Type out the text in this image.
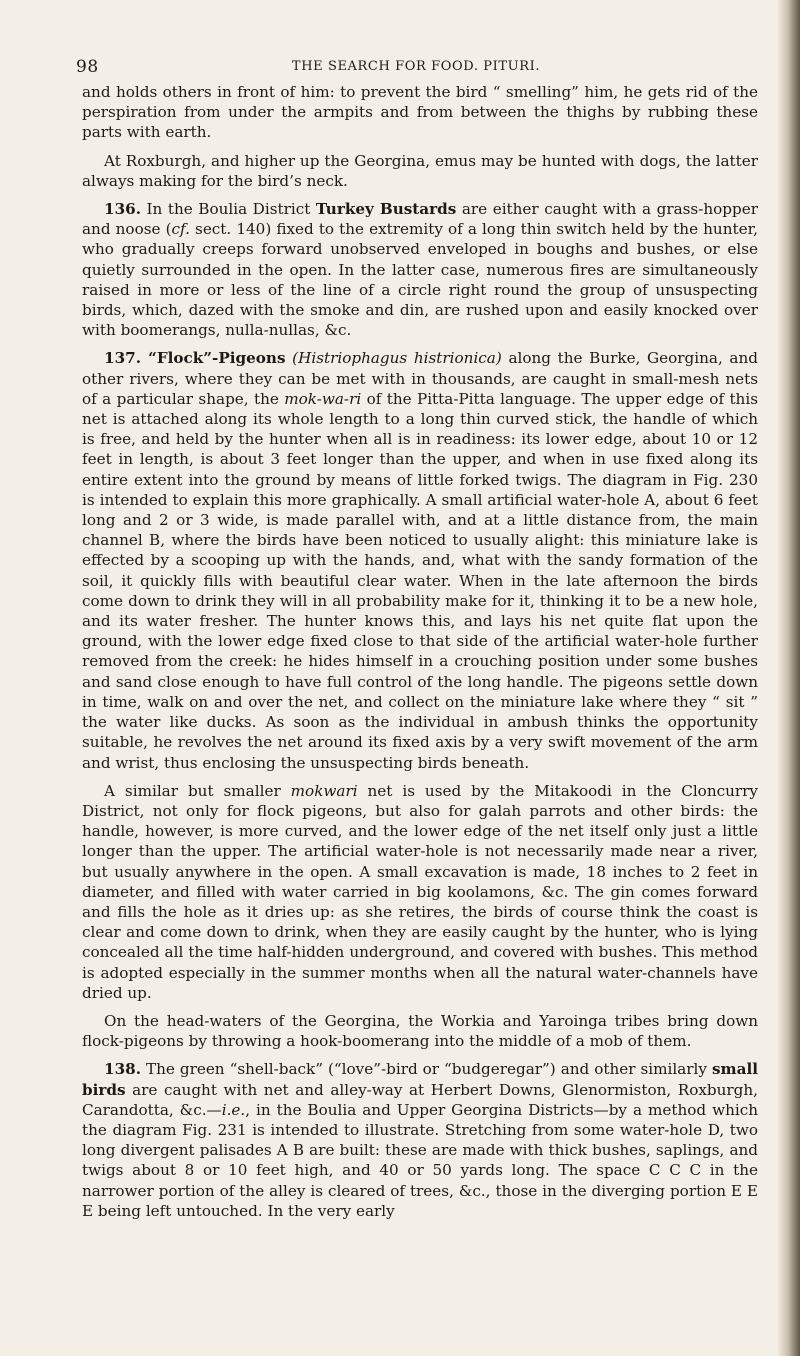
98	THE SEARCH FOR FOOD. PITURI.

and holds others in front of him: to prevent the bird “ smelling” him, he gets rid of the perspiration from under the armpits and from between the thighs by rubbing these parts with earth.

At Roxburgh, and higher up the Georgina, emus may be hunted with dogs, the latter always making for the bird’s neck.

136. In the Boulia District Turkey Bustards are either caught with a grass-hopper and noose (cf. sect. 140) fixed to the extremity of a long thin switch held by the hunter, who gradually creeps forward unobserved enveloped in boughs and bushes, or else quietly surrounded in the open. In the latter case, numerous fires are simultaneously raised in more or less of the line of a circle right round the group of unsuspecting birds, which, dazed with the smoke and din, are rushed upon and easily knocked over with boomerangs, nulla-nullas, &c.

137. “Flock”-Pigeons (Histriophagus histrionica) along the Burke, Georgina, and other rivers, where they can be met with in thousands, are caught in small-mesh nets of a particular shape, the mok-wa-ri of the Pitta-Pitta language. The upper edge of this net is attached along its whole length to a long thin curved stick, the handle of which is free, and held by the hunter when all is in readiness: its lower edge, about 10 or 12 feet in length, is about 3 feet longer than the upper, and when in use fixed along its entire extent into the ground by means of little forked twigs. The diagram in Fig. 230 is intended to explain this more graphically. A small artificial water-hole A, about 6 feet long and 2 or 3 wide, is made parallel with, and at a little distance from, the main channel B, where the birds have been noticed to usually alight: this miniature lake is effected by a scooping up with the hands, and, what with the sandy formation of the soil, it quickly fills with beautiful clear water. When in the late afternoon the birds come down to drink they will in all probability make for it, thinking it to be a new hole, and its water fresher. The hunter knows this, and lays his net quite flat upon the ground, with the lower edge fixed close to that side of the artificial water-hole further removed from the creek: he hides himself in a crouching position under some bushes and sand close enough to have full control of the long handle. The pigeons settle down in time, walk on and over the net, and collect on the miniature lake where they “ sit ” the water like ducks. As soon as the individual in ambush thinks the opportunity suitable, he revolves the net around its fixed axis by a very swift movement of the arm and wrist, thus enclosing the unsuspecting birds beneath.

A similar but smaller mokwari net is used by the Mitakoodi in the Cloncurry District, not only for flock pigeons, but also for galah parrots and other birds: the handle, however, is more curved, and the lower edge of the net itself only just a little longer than the upper. The artificial water-hole is not necessarily made near a river, but usually anywhere in the open. A small excavation is made, 18 inches to 2 feet in diameter, and filled with water carried in big koolamons, &c. The gin comes forward and fills the hole as it dries up: as she retires, the birds of course think the coast is clear and come down to drink, when they are easily caught by the hunter, who is lying concealed all the time half-hidden underground, and covered with bushes. This method is adopted especially in the summer months when all the natural water-channels have dried up.

On the head-waters of the Georgina, the Workia and Yaroinga tribes bring down flock-pigeons by throwing a hook-boomerang into the middle of a mob of them.

138. The green “shell-back” (“love”-bird or “budgeregar”) and other similarly small birds are caught with net and alley-way at Herbert Downs, Glenormiston, Roxburgh, Carandotta, &c.—i.e., in the Boulia and Upper Georgina Districts—by a method which the diagram Fig. 231 is intended to illustrate. Stretching from some water-hole D, two long divergent palisades A B are built: these are made with thick bushes, saplings, and twigs about 8 or 10 feet high, and 40 or 50 yards long. The space C C C in the narrower portion of the alley is cleared of trees, &c., those in the diverging portion E E E being left untouched. In the very early
